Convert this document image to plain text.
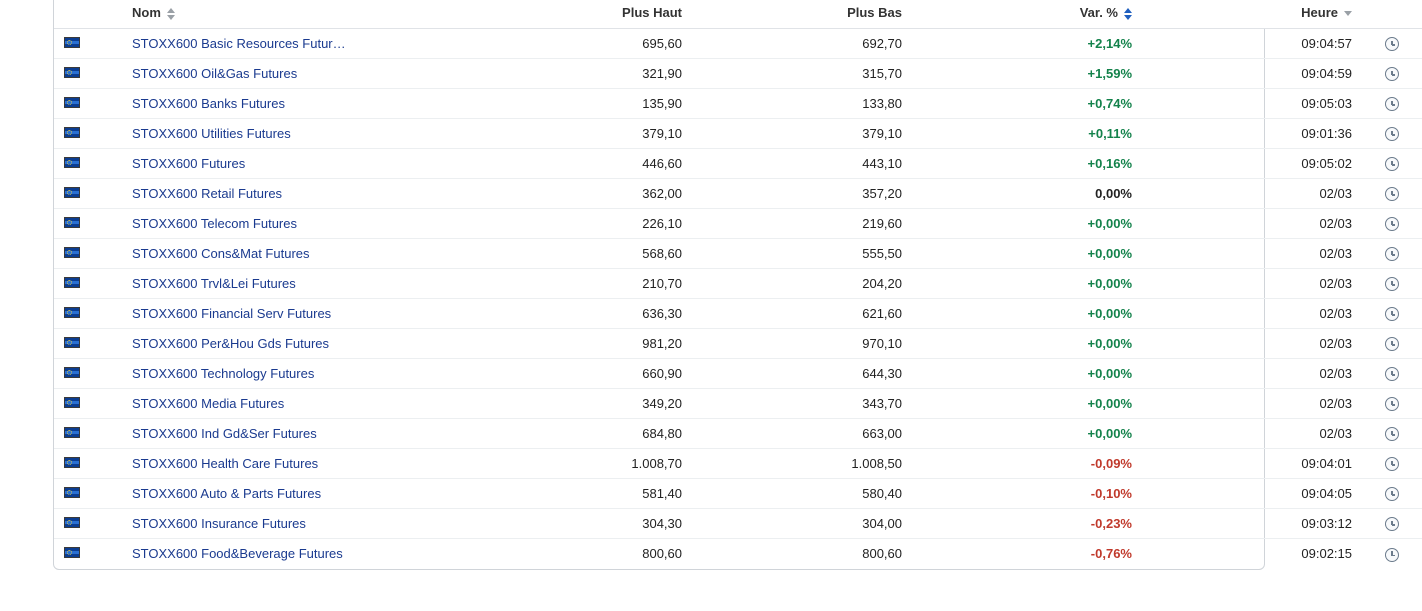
	Nom	Plus Haut	Plus Bas	Var. %	Heure

	STOXX600 Basic Resources Futur…	695,60	692,70	+2,14%	09:04:57	
	STOXX600 Oil&Gas Futures	321,90	315,70	+1,59%	09:04:59	
	STOXX600 Banks Futures	135,90	133,80	+0,74%	09:05:03	
	STOXX600 Utilities Futures	379,10	379,10	+0,11%	09:01:36	
	STOXX600 Futures	446,60	443,10	+0,16%	09:05:02	
	STOXX600 Retail Futures	362,00	357,20	0,00%	02/03	
	STOXX600 Telecom Futures	226,10	219,60	+0,00%	02/03	
	STOXX600 Cons&Mat Futures	568,60	555,50	+0,00%	02/03	
	STOXX600 Trvl&Lei Futures	210,70	204,20	+0,00%	02/03	
	STOXX600 Financial Serv Futures	636,30	621,60	+0,00%	02/03	
	STOXX600 Per&Hou Gds Futures	981,20	970,10	+0,00%	02/03	
	STOXX600 Technology Futures	660,90	644,30	+0,00%	02/03	
	STOXX600 Media Futures	349,20	343,70	+0,00%	02/03	
	STOXX600 Ind Gd&Ser Futures	684,80	663,00	+0,00%	02/03	
	STOXX600 Health Care Futures	1.008,70	1.008,50	-0,09%	09:04:01	
	STOXX600 Auto & Parts Futures	581,40	580,40	-0,10%	09:04:05	
	STOXX600 Insurance Futures	304,30	304,00	-0,23%	09:03:12	
	STOXX600 Food&Beverage Futures	800,60	800,60	-0,76%	09:02:15	
